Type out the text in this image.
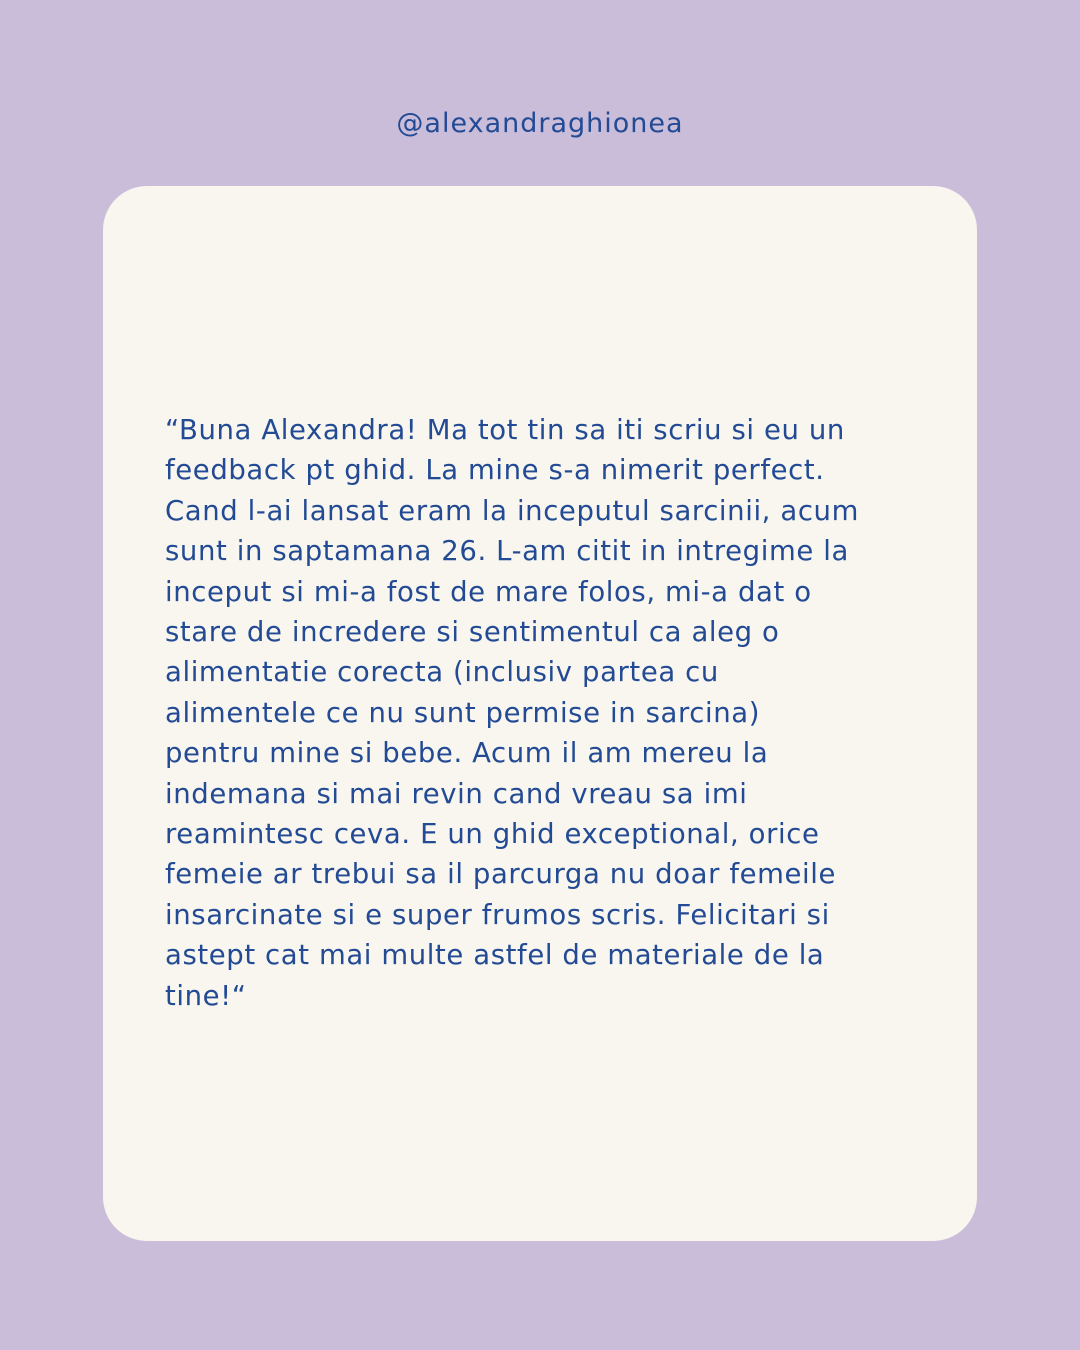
@alexandraghionea

“Buna Alexandra! Ma tot tin sa iti scriu si eu un
feedback pt ghid. La mine s-a nimerit perfect.
Cand l-ai lansat eram la inceputul sarcinii, acum
sunt in saptamana 26. L-am citit in intregime la
inceput si mi-a fost de mare folos, mi-a dat o
stare de incredere si sentimentul ca aleg o
alimentatie corecta (inclusiv partea cu
alimentele ce nu sunt permise in sarcina)
pentru mine si bebe. Acum il am mereu la
indemana si mai revin cand vreau sa imi
reamintesc ceva. E un ghid exceptional, orice
femeie ar trebui sa il parcurga nu doar femeile
insarcinate si e super frumos scris. Felicitari si
astept cat mai multe astfel de materiale de la
tine!“
